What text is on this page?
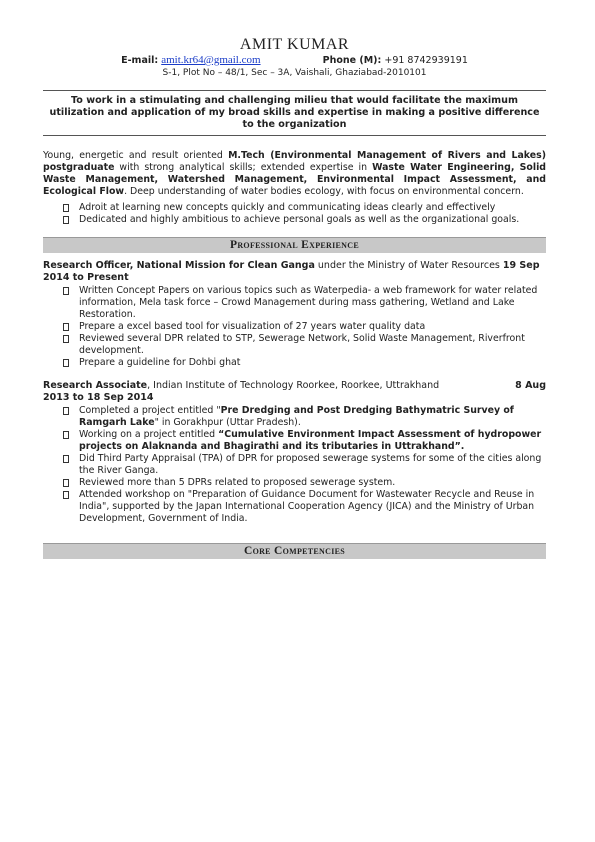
AMIT KUMAR
E-mail: amit.kr64@gmail.com	Phone (M): +91 8742939191
S-1, Plot No – 48/1, Sec – 3A, Vaishali, Ghaziabad-2010101
To work in a stimulating and challenging milieu that would facilitate the maximum utilization and application of my broad skills and expertise in making a positive difference to the organization
Young, energetic and result oriented M.Tech (Environmental Management of Rivers and Lakes) postgraduate with strong analytical skills; extended expertise in Waste Water Engineering, Solid Waste Management, Watershed Management, Environmental Impact Assessment, and Ecological Flow. Deep understanding of water bodies ecology, with focus on environmental concern.
Adroit at learning new concepts quickly and communicating ideas clearly and effectively
Dedicated and highly ambitious to achieve personal goals as well as the organizational goals.
Professional Experience
Research Officer, National Mission for Clean Ganga under the Ministry of Water Resources 19 Sep 2014 to Present
Written Concept Papers on various topics such as Waterpedia- a web framework for water related information, Mela task force – Crowd Management during mass gathering, Wetland and Lake Restoration.
Prepare a excel based tool for visualization of 27 years water quality data
Reviewed several DPR related to STP, Sewerage Network, Solid Waste Management, Riverfront development.
Prepare a guideline for Dohbi ghat
Research Associate, Indian Institute of Technology Roorkee, Roorkee, Uttrakhand	8 Aug
2013 to 18 Sep 2014
Completed a project entitled "Pre Dredging and Post Dredging Bathymatric Survey of Ramgarh Lake" in Gorakhpur (Uttar Pradesh).
Working on a project entitled “Cumulative Environment Impact Assessment of hydropower projects on Alaknanda and Bhagirathi and its tributaries in Uttrakhand”.
Did Third Party Appraisal (TPA) of DPR for proposed sewerage systems for some of the cities along the River Ganga.
Reviewed more than 5 DPRs related to proposed sewerage system.
Attended workshop on "Preparation of Guidance Document for Wastewater Recycle and Reuse in India", supported by the Japan International Cooperation Agency (JICA) and the Ministry of Urban Development, Government of India.
Core Competencies
